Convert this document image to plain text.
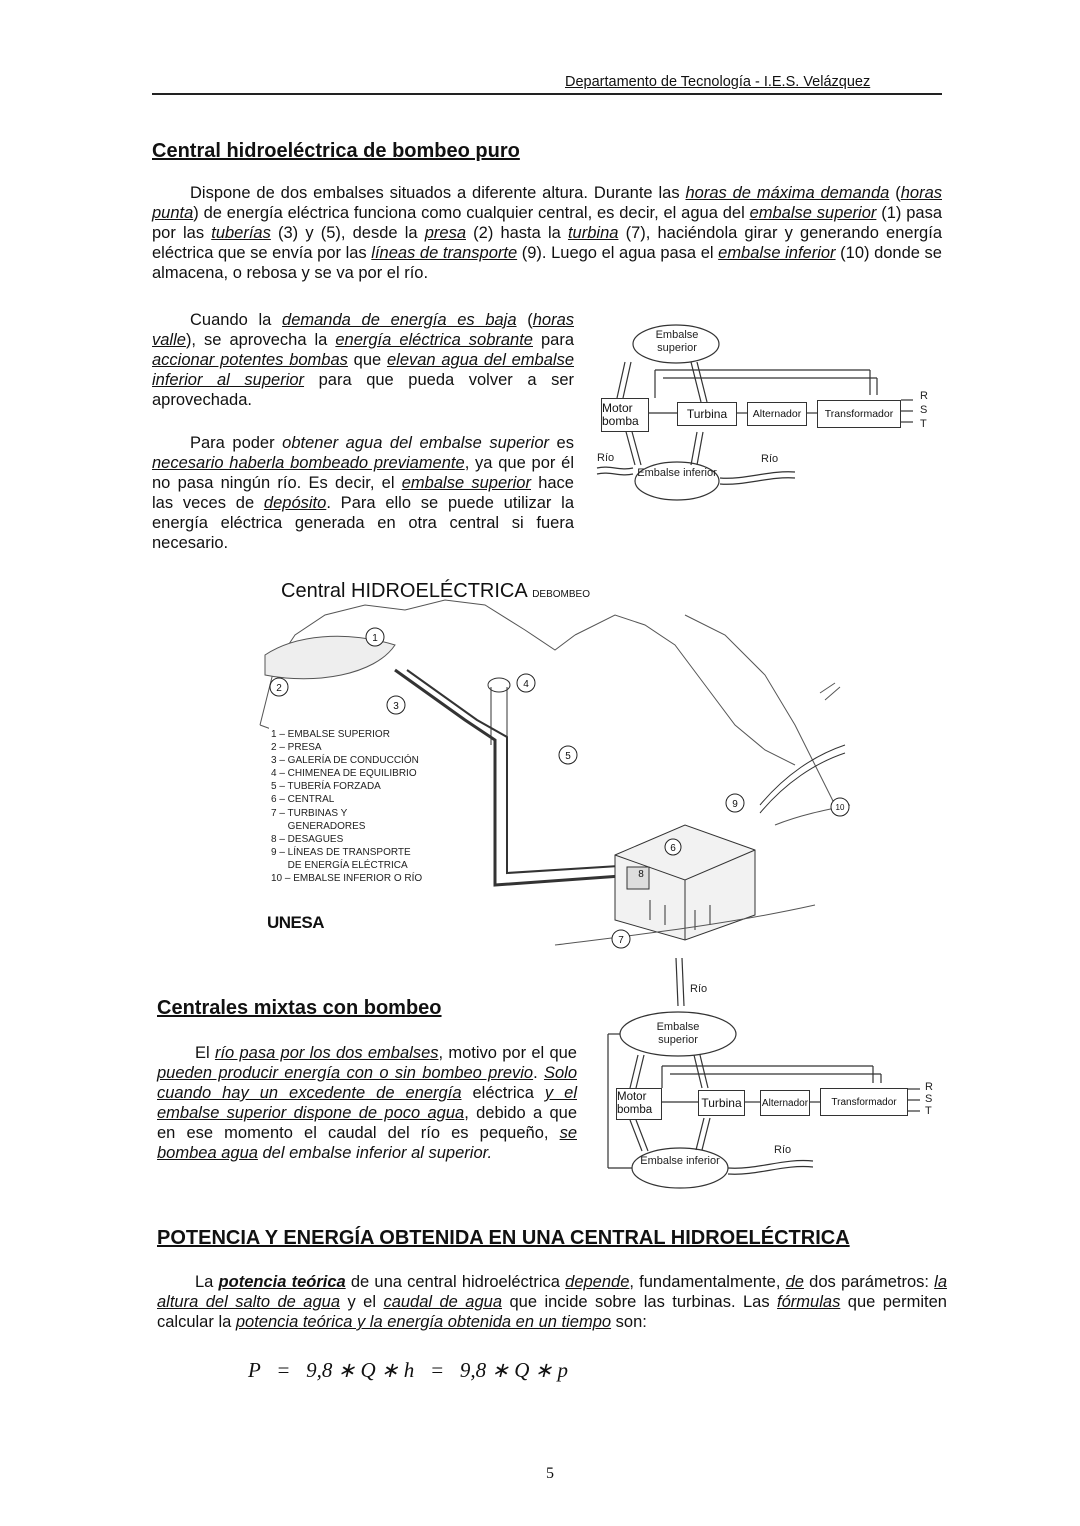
Departamento de Tecnología - I.E.S. Velázquez
Central hidroeléctrica de bombeo puro
Dispone de dos embalses situados a diferente altura. Durante las horas de máxima demanda (horas punta) de energía eléctrica funciona como cualquier central, es decir, el agua del embalse superior (1) pasa por las tuberías (3) y (5), desde la presa (2) hasta la turbina (7), haciéndola girar y generando energía eléctrica que se envía por las líneas de transporte (9). Luego el agua pasa el embalse inferior (10) donde se almacena, o rebosa y se va por el río.
Cuando la demanda de energía es baja (horas valle), se aprovecha la energía eléctrica sobrante para accionar potentes bombas que elevan agua del embalse inferior al superior para que pueda volver a ser aprovechada.
Para poder obtener agua del embalse superior es necesario haberla bombeado previamente, ya que por él no pasa ningún río. Es decir, el embalse superior hace las veces de depósito. Para ello se puede utilizar la energía eléctrica generada en otra central si fuera necesario.
Embalse superior
Embalse inferior
Motor bomba	Turbina	Alternador	Transformador
Río	Río
R
S
T
1
2
3
4
5
6
7
8
9	10
Central HIDROELÉCTRICA DEBOMBEO
1 – EMBALSE SUPERIOR
2 – PRESA
3 – GALERÍA DE CONDUCCIÓN
4 – CHIMENEA DE EQUILIBRIO
5 – TUBERÍA FORZADA
6 – CENTRAL
7 – TURBINAS Y
GENERADORES
8 – DESAGUES
9 – LÍNEAS DE TRANSPORTE
DE ENERGÍA ELÉCTRICA
10 – EMBALSE INFERIOR O RÍO
UNESA
Centrales mixtas con bombeo
El río pasa por los dos embalses, motivo por el que pueden producir energía con o sin bombeo previo. Solo cuando hay un excedente de energía eléctrica y el embalse superior dispone de poco agua, debido a que en ese momento el caudal del río es pequeño, se bombea agua del embalse inferior al superior.
Río
Embalse superior
Embalse inferior
Motor bomba	Turbina	Alternador	Transformador
Río
R
S
T
POTENCIA Y ENERGÍA OBTENIDA EN UNA CENTRAL HIDROELÉCTRICA
La potencia teórica de una central hidroeléctrica depende, fundamentalmente, de dos parámetros: la altura del salto de agua y el caudal de agua que incide sobre las turbinas. Las fórmulas que permiten calcular la potencia teórica y la energía obtenida en un tiempo son:
P   =   9,8 ∗ Q ∗ h   =   9,8 ∗ Q ∗ p
5
